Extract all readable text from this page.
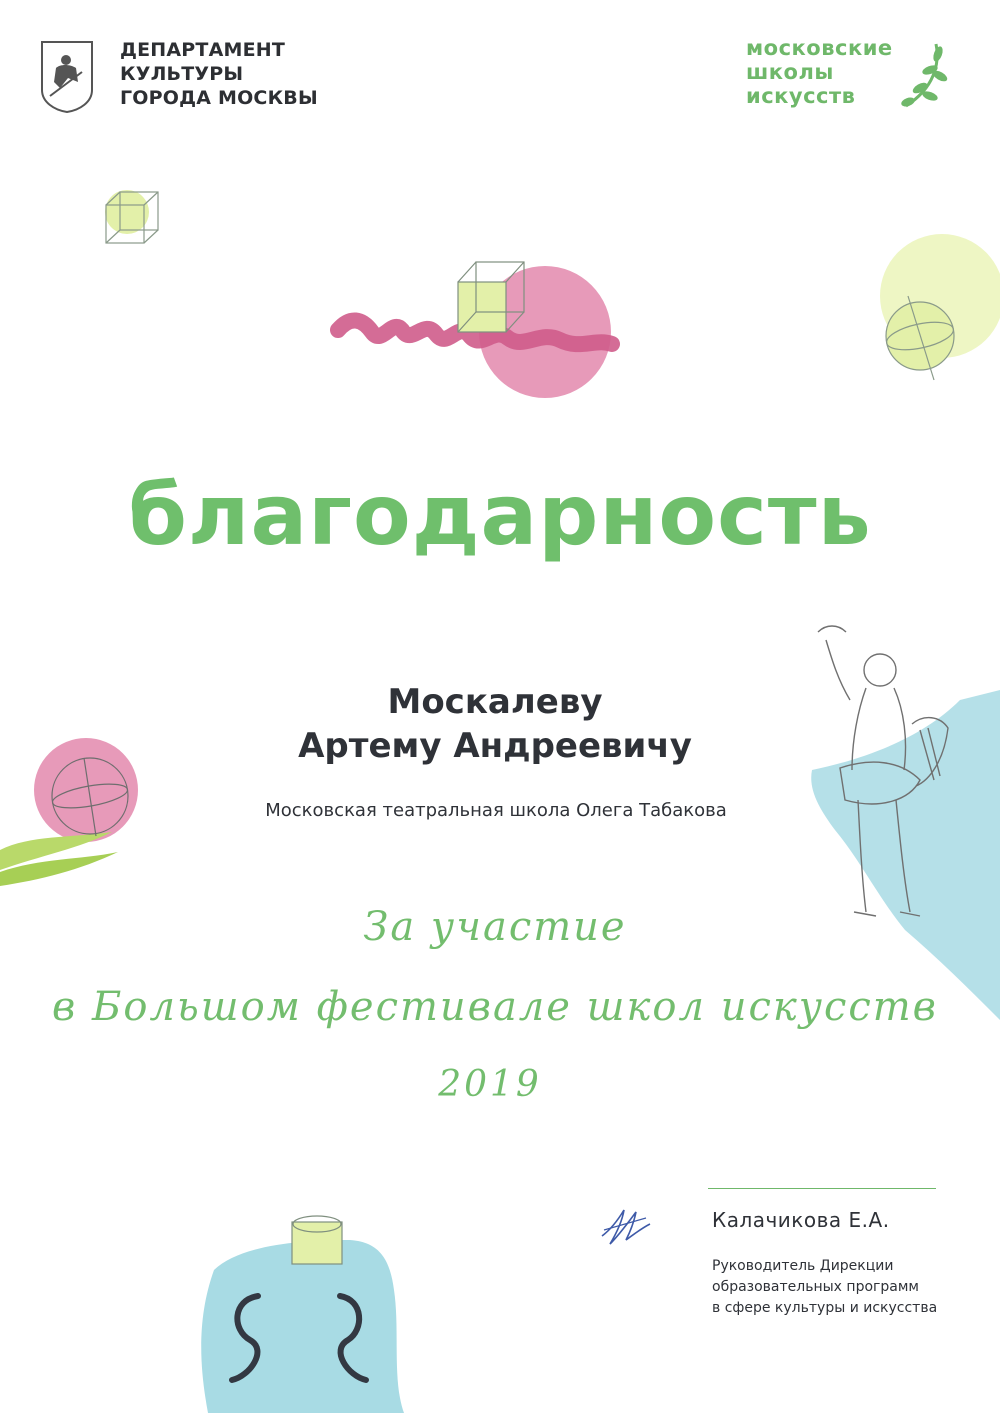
ДЕПАРТАМЕНТ
КУЛЬТУРЫ
ГОРОДА МОСКВЫ
московские
школы
искусств
благодарность
Москалеву
Артему Андреевичу
Московская театральная школа Олега Табакова
За участие
в Большом фестивале школ искусств
2019
Калачикова Е.А.
Руководитель Дирекции
образовательных программ
в сфере культуры и искусства
